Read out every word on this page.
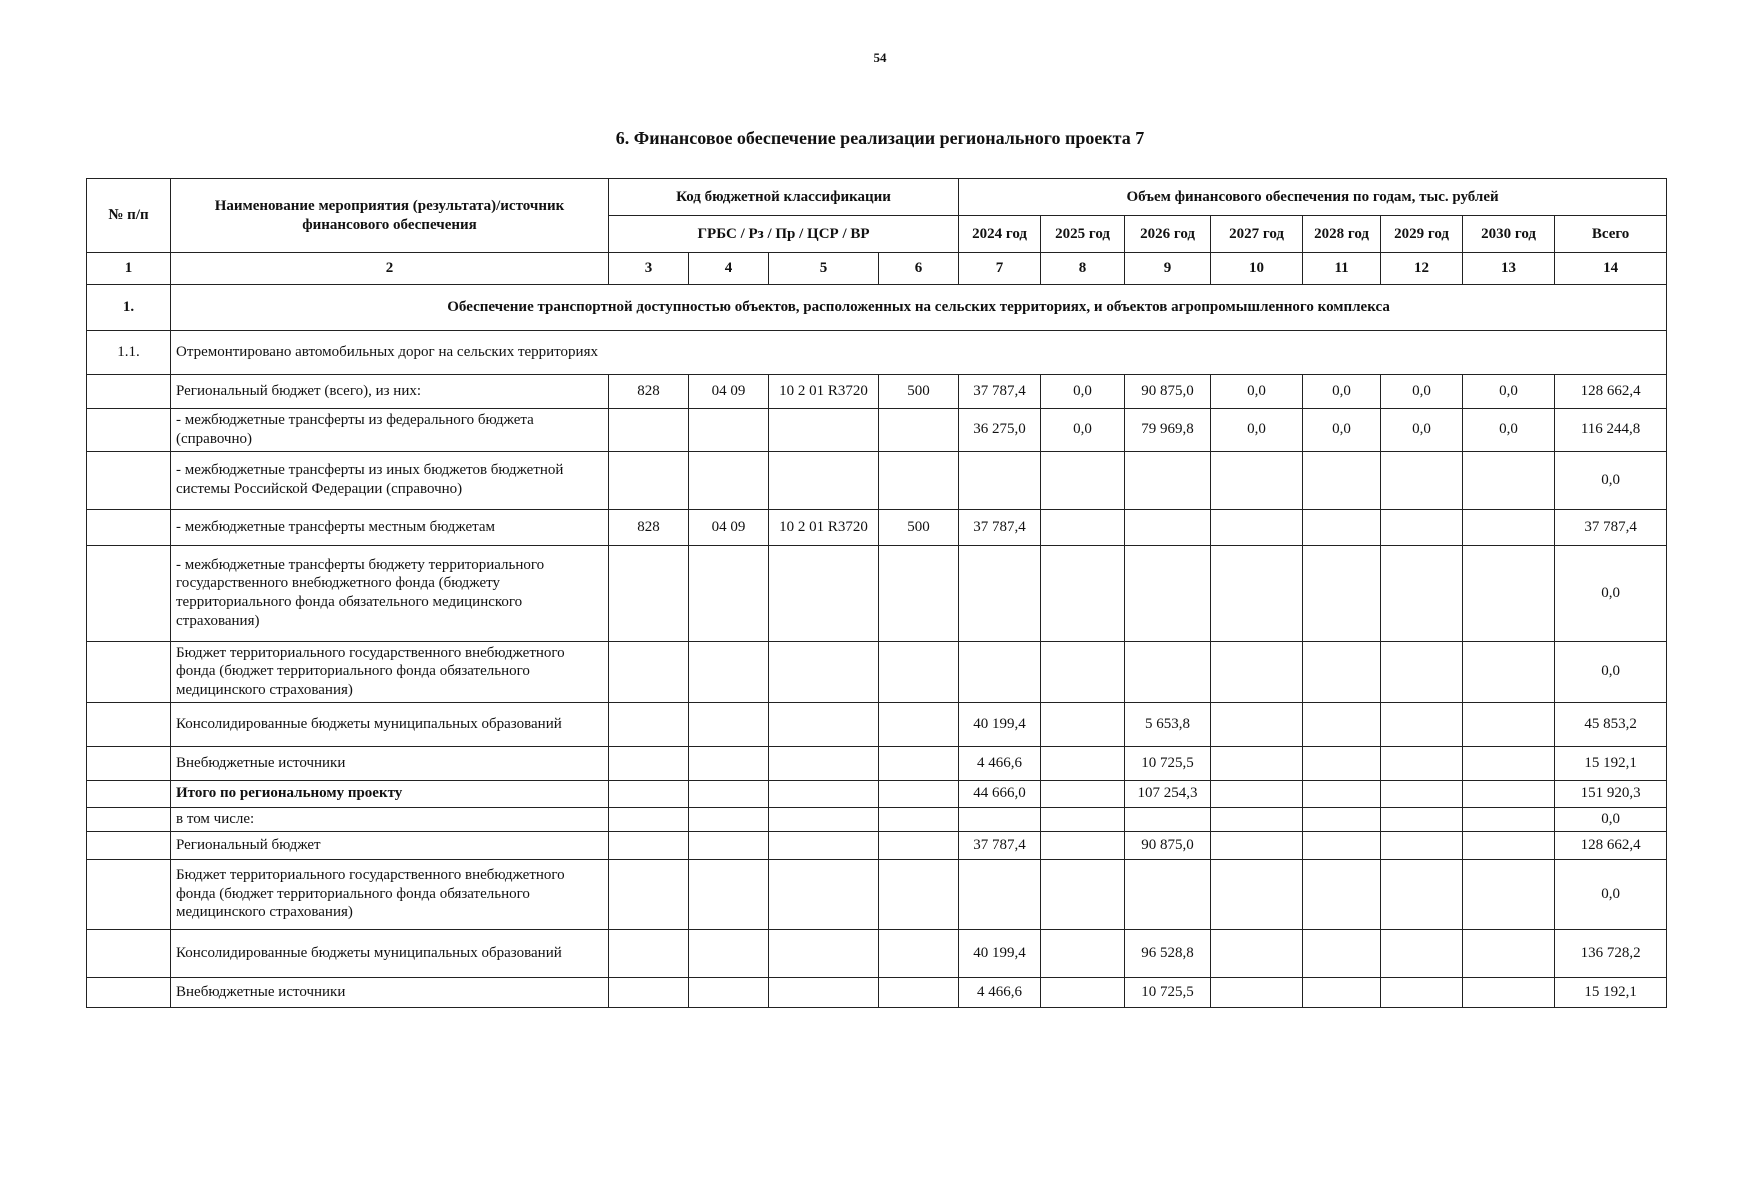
54
6. Финансовое обеспечение реализации регионального проекта 7
№ п/п	Наименование мероприятия (результата)/источник финансового обеспечения	Код бюджетной классификации				Объем финансового обеспечения по годам, тыс. рублей							
		ГРБС / Рз / Пр / ЦСР / ВР				2024 год	2025 год	2026 год	2027 год	2028 год	2029 год	2030 год	Всего
1	2	3	4	5	6	7	8	9	10	11	12	13	14
1.	Обеспечение транспортной доступностью объектов, расположенных на сельских территориях, и объектов агропромышленного комплекса												
1.1.	Отремонтировано автомобильных дорог на сельских территориях												
	Региональный бюджет (всего), из них:	828	04 09	10 2 01 R3720	500	37 787,4	0,0	90 875,0	0,0	0,0	0,0	0,0	128 662,4
	- межбюджетные трансферты из федерального бюджета (справочно)					36 275,0	0,0	79 969,8	0,0	0,0	0,0	0,0	116 244,8
	- межбюджетные трансферты из иных бюджетов бюджетной системы Российской Федерации (справочно)												0,0
	- межбюджетные трансферты местным бюджетам	828	04 09	10 2 01 R3720	500	37 787,4							37 787,4
	- межбюджетные трансферты бюджету территориального государственного внебюджетного фонда (бюджету территориального фонда обязательного медицинского страхования)												0,0
	Бюджет территориального государственного внебюджетного фонда (бюджет территориального фонда обязательного медицинского страхования)												0,0
	Консолидированные бюджеты муниципальных образований					40 199,4		5 653,8					45 853,2
	Внебюджетные источники					4 466,6		10 725,5					15 192,1
	Итого по региональному проекту					44 666,0		107 254,3					151 920,3
	в том числе:												0,0
	Региональный бюджет					37 787,4		90 875,0					128 662,4
	Бюджет территориального государственного внебюджетного фонда (бюджет территориального фонда обязательного медицинского страхования)												0,0
	Консолидированные бюджеты муниципальных образований					40 199,4		96 528,8					136 728,2
	Внебюджетные источники					4 466,6		10 725,5					15 192,1
